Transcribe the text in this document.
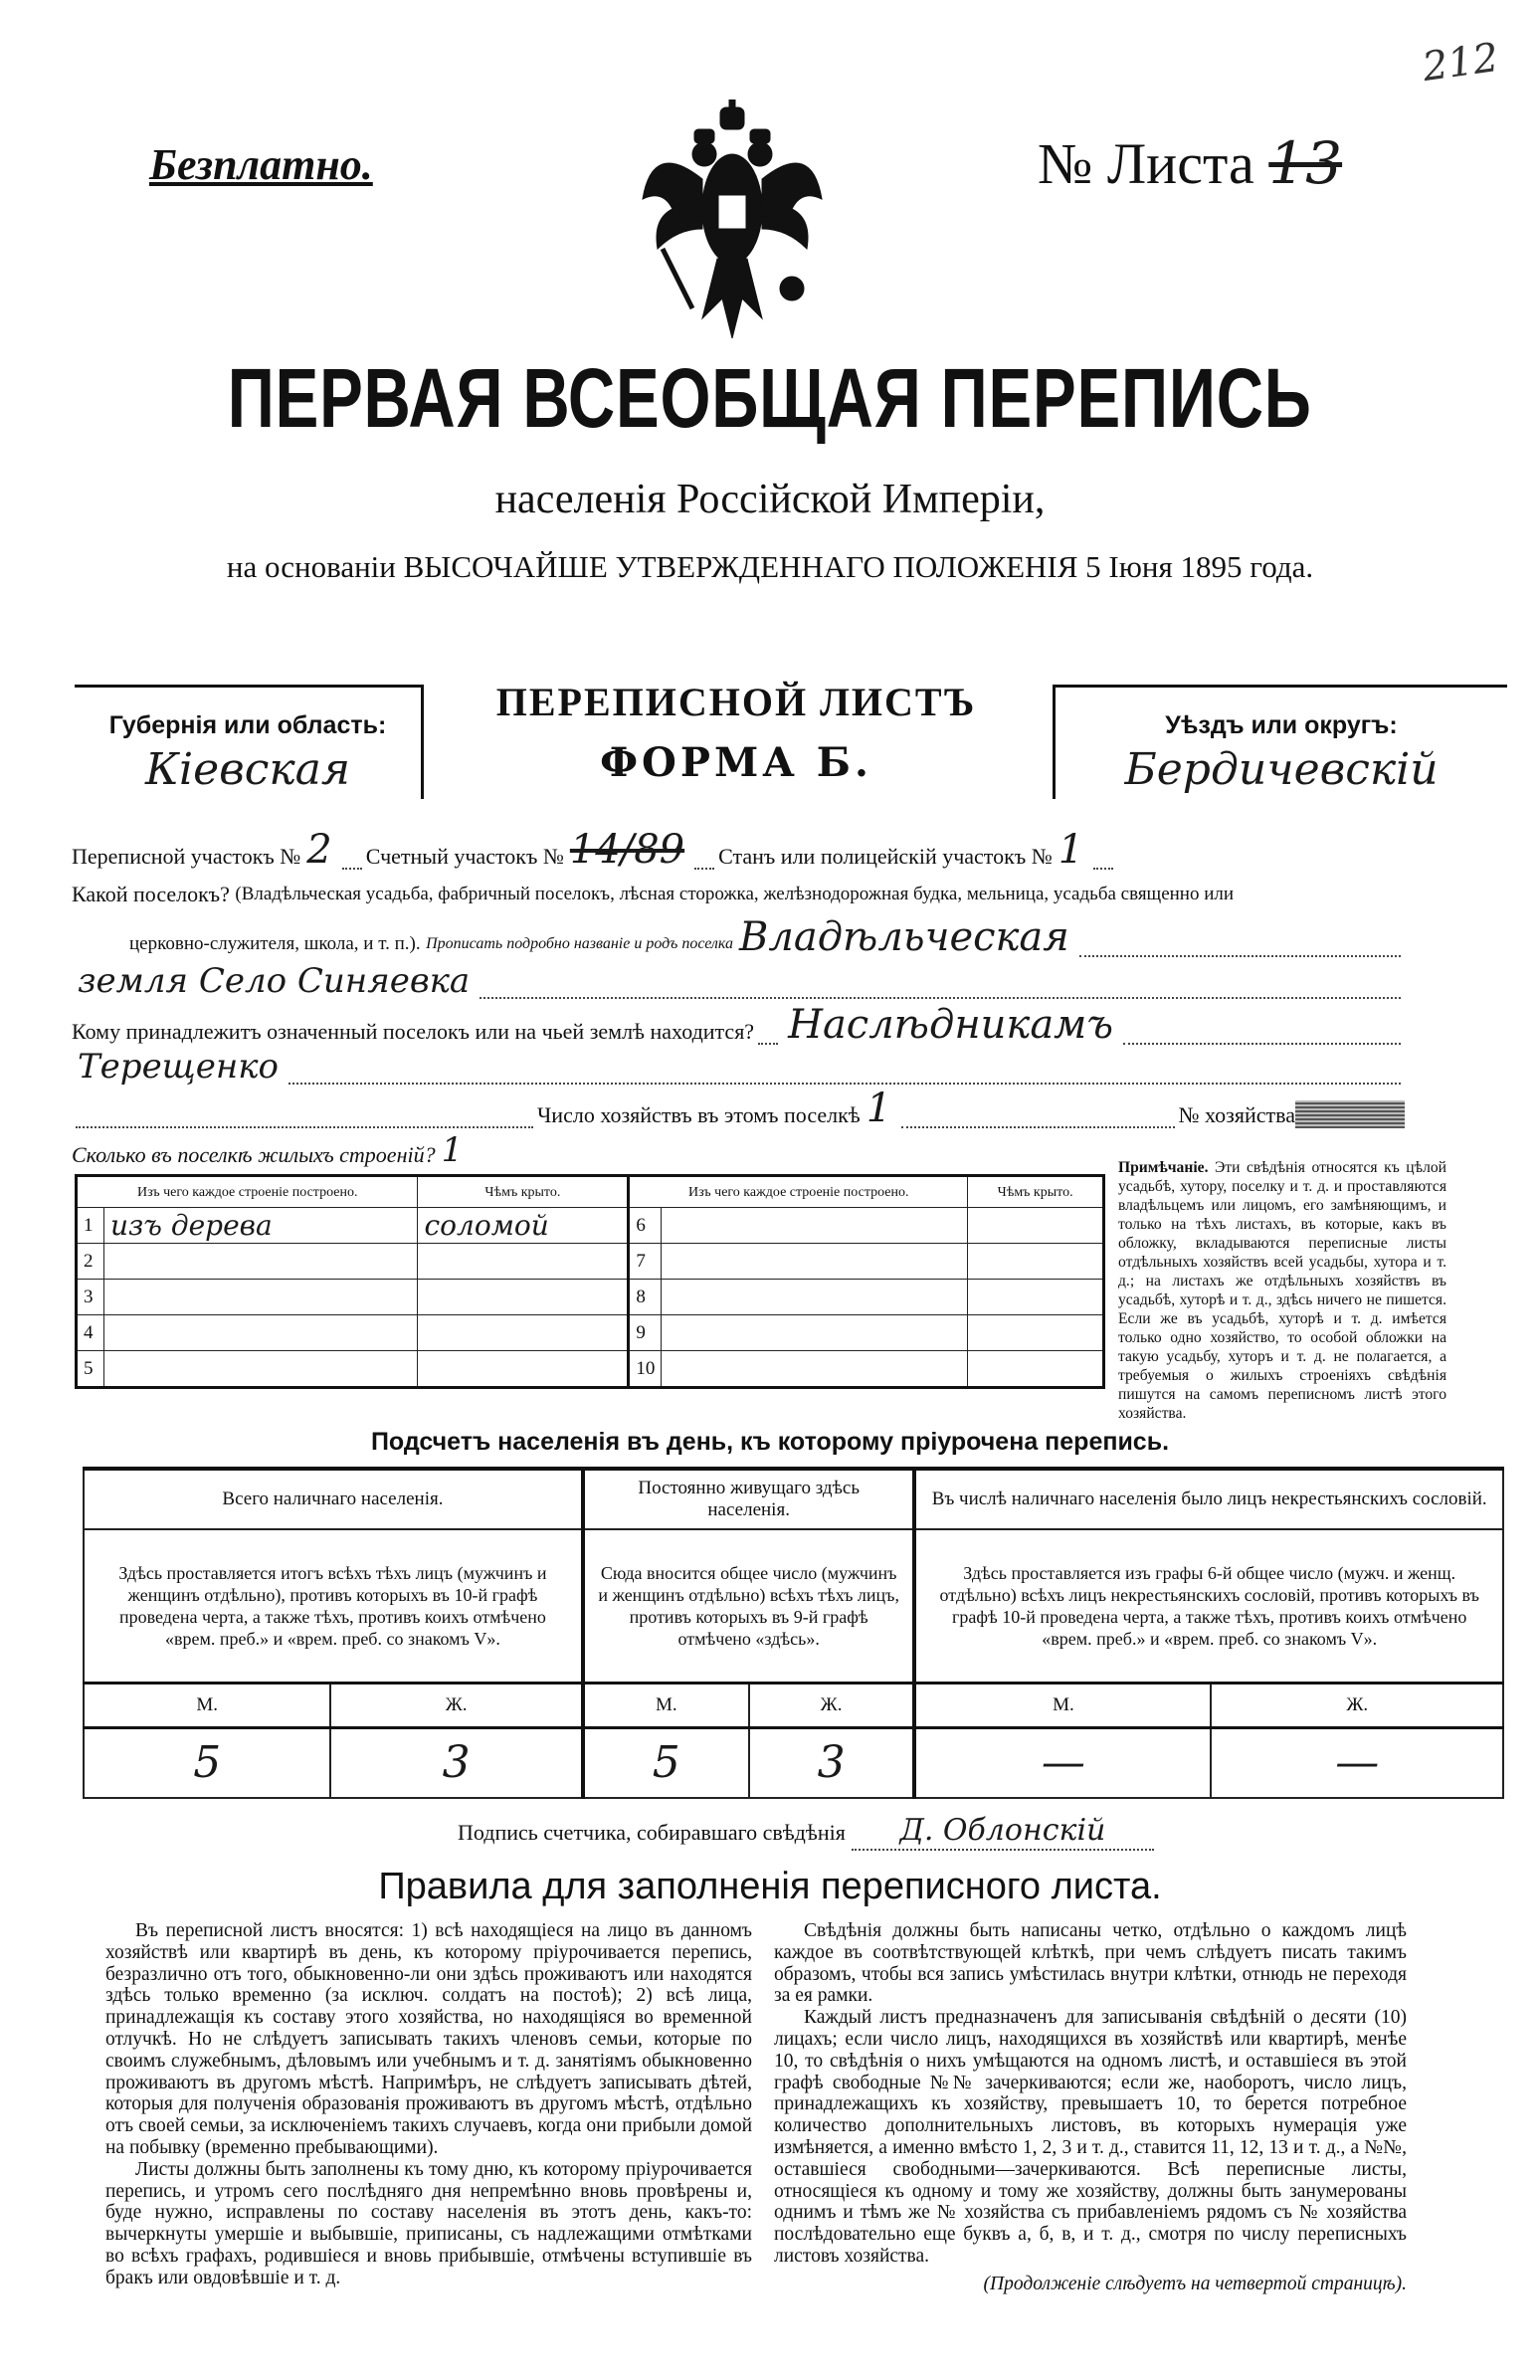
Безплатно.	№ Листа 13
212
ПЕРВАЯ ВСЕОБЩАЯ ПЕРЕПИСЬ
населенія Россійской Имперіи,
на основаніи ВЫСОЧАЙШЕ УТВЕРЖДЕННАГО ПОЛОЖЕНІЯ 5 Іюня 1895 года.
Губернія или область:
Кіевская
ПЕРЕПИСНОЙ ЛИСТЪ
ФОРМА Б.
Уѣздъ или округъ:
Бердичевскій
Переписной участокъ № 2 Счетный участокъ № 14/89 Станъ или полицейскій участокъ № 1
Какой поселокъ?
(Владѣльческая усадьба, фабричный поселокъ, лѣсная сторожка, желѣзнодорожная будка, мельница, усадьба священно или
церковно-служителя, школа, и т. п.).
Прописать подробно названіе и родъ поселка Владѣльческая
земля Село Синяевка
Кому принадлежитъ означенный поселокъ или на чьей землѣ находится? Наслѣдникамъ
Терещенко
Число хозяйствъ въ этомъ поселкѣ 1	№ хозяйства
Сколько въ поселкѣ жилыхъ строеній? 1
Изъ чего каждое строеніе построено.		Чѣмъ крыто.	Изъ чего каждое строеніе построено.		Чѣмъ крыто.
1	изъ дерева	соломой	6		
2			7		
3			8		
4			9		
5			10		
Примѣчаніе. Эти свѣдѣнія относятся къ цѣлой усадьбѣ, хутору, поселку и т. д. и проставляются владѣльцемъ или лицомъ, его замѣняющимъ, и только на тѣхъ листахъ, въ которые, какъ въ обложку, вкладываются переписные листы отдѣльныхъ хозяйствъ всей усадьбы, хутора и т. д.; на листахъ же отдѣльныхъ хозяйствъ въ усадьбѣ, хуторѣ и т. д., здѣсь ничего не пишется. Если же въ усадьбѣ, хуторѣ и т. д. имѣется только одно хозяйство, то особой обложки на такую усадьбу, хуторъ и т. д. не полагается, а требуемыя о жилыхъ строеніяхъ свѣдѣнія пишутся на самомъ переписномъ листѣ этого хозяйства.
Подсчетъ населенія въ день, къ которому пріурочена перепись.
Всего наличнаго населенія.		Постоянно живущаго здѣсь населенія.		Въ числѣ наличнаго населенія было лицъ некрестьянскихъ сословій.	
Здѣсь проставляется итогъ всѣхъ тѣхъ лицъ (мужчинъ и женщинъ отдѣльно), противъ которыхъ въ 10-й графѣ проведена черта, а также тѣхъ, противъ коихъ отмѣчено «врем. преб.» и «врем. преб. со знакомъ V».		Сюда вносится общее число (мужчинъ и женщинъ отдѣльно) всѣхъ тѣхъ лицъ, противъ которыхъ въ 9-й графѣ отмѣчено «здѣсь».		Здѣсь проставляется изъ графы 6-й общее число (мужч. и женщ. отдѣльно) всѣхъ лицъ некрестьянскихъ сословій, противъ которыхъ въ графѣ 10-й проведена черта, а также тѣхъ, противъ коихъ отмѣчено «врем. преб.» и «врем. преб. со знакомъ V».	
М.	Ж.	М.	Ж.	М.	Ж.
5	3	5	3	—	—
Подпись счетчика, собиравшаго свѣдѣнія	Д. Облонскій
Правила для заполненія переписного листа.

Въ переписной листъ вносятся: 1) всѣ находящіеся на лицо въ данномъ хозяйствѣ или квартирѣ въ день, къ которому пріурочивается перепись, безразлично отъ того, обыкновенно-ли они здѣсь проживаютъ или находятся здѣсь только временно (за исключ. солдатъ на постоѣ); 2) всѣ лица, принадлежащія къ составу этого хозяйства, но находящіяся во временной отлучкѣ. Но не слѣдуетъ записывать такихъ членовъ семьи, которые по своимъ служебнымъ, дѣловымъ или учебнымъ и т. д. занятіямъ обыкновенно проживаютъ въ другомъ мѣстѣ. Напримѣръ, не слѣдуетъ записывать дѣтей, которыя для полученія образованія проживаютъ въ другомъ мѣстѣ, отдѣльно отъ своей семьи, за исключеніемъ такихъ случаевъ, когда они прибыли домой на побывку (временно пребывающими).

Листы должны быть заполнены къ тому дню, къ которому пріурочивается перепись, и утромъ сего послѣдняго дня непремѣнно вновь провѣрены и, буде нужно, исправлены по составу населенія въ этотъ день, какъ-то: вычеркнуты умершіе и выбывшіе, приписаны, съ надлежащими отмѣтками во всѣхъ графахъ, родившіеся и вновь прибывшіе, отмѣчены вступившіе въ бракъ или овдовѣвшіе и т. д.

Свѣдѣнія должны быть написаны четко, отдѣльно о каждомъ лицѣ каждое въ соотвѣтствующей клѣткѣ, при чемъ слѣдуетъ писать такимъ образомъ, чтобы вся запись умѣстилась внутри клѣтки, отнюдь не переходя за ея рамки.

Каждый листъ предназначенъ для записыванія свѣдѣній о десяти (10) лицахъ; если число лицъ, находящихся въ хозяйствѣ или квартирѣ, менѣе 10, то свѣдѣнія о нихъ умѣщаются на одномъ листѣ, и оставшіеся въ этой графѣ свободные №№ зачеркиваются; если же, наоборотъ, число лицъ, принадлежащихъ къ хозяйству, превышаетъ 10, то берется потребное количество дополнительныхъ листовъ, въ которыхъ нумерація уже измѣняется, а именно вмѣсто 1, 2, 3 и т. д., ставится 11, 12, 13 и т. д., а №№, оставшіеся свободными—зачеркиваются. Всѣ переписные листы, относящіеся къ одному и тому же хозяйству, должны быть занумерованы однимъ и тѣмъ же № хозяйства съ прибавленіемъ рядомъ съ № хозяйства послѣдовательно еще буквъ а, б, в, и т. д., смотря по числу переписныхъ листовъ хозяйства.

(Продолженіе слѣдуетъ на четвертой страницѣ).
